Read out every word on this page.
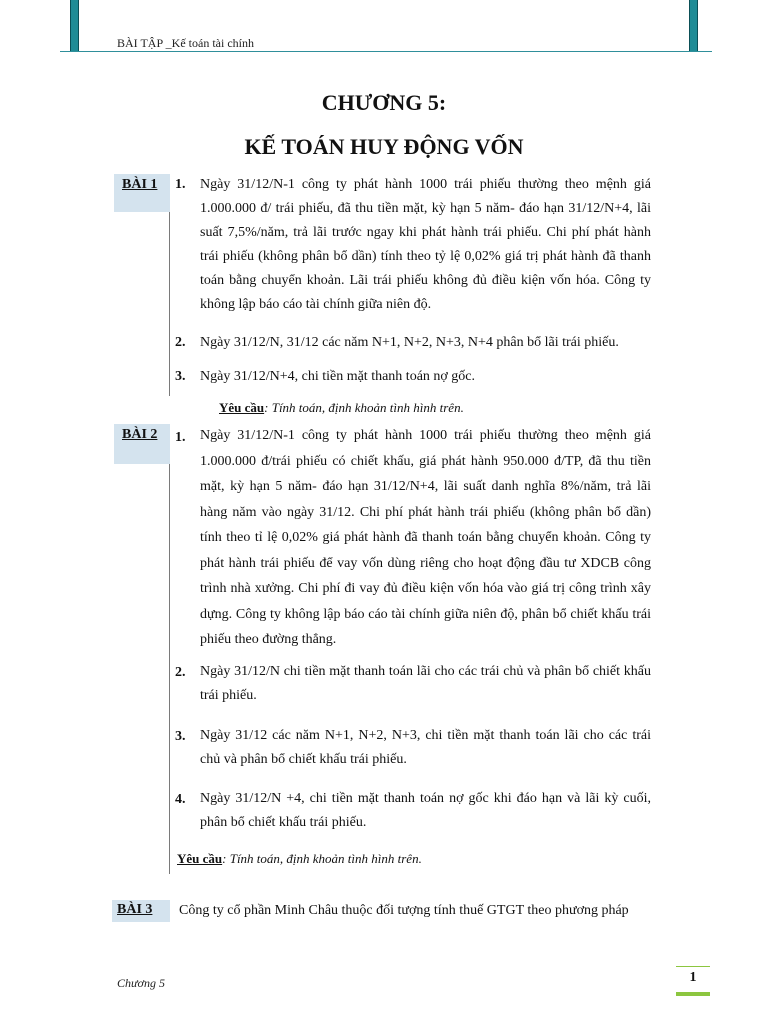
BÀI TẬP _Kế toán tài chính
CHƯƠNG 5:
KẾ TOÁN HUY ĐỘNG VỐN
BÀI 1 1. Ngày 31/12/N-1 công ty phát hành 1000 trái phiếu thường theo mệnh giá 1.000.000 đ/ trái phiếu, đã thu tiền mặt, kỳ hạn 5 năm- đáo hạn 31/12/N+4, lãi suất 7,5%/năm, trả lãi trước ngay khi phát hành trái phiếu. Chi phí phát hành trái phiếu (không phân bổ dần) tính theo tỷ lệ 0,02% giá trị phát hành đã thanh toán bằng chuyển khoản. Lãi trái phiếu không đủ điều kiện vốn hóa. Công ty không lập báo cáo tài chính giữa niên độ.
2. Ngày 31/12/N, 31/12 các năm N+1, N+2, N+3, N+4 phân bổ lãi trái phiếu.
3. Ngày 31/12/N+4, chi tiền mặt thanh toán nợ gốc.
Yêu cầu: Tính toán, định khoản tình hình trên.
BÀI 2 1. Ngày 31/12/N-1 công ty phát hành 1000 trái phiếu thường theo mệnh giá 1.000.000 đ/trái phiếu có chiết khấu, giá phát hành 950.000 đ/TP, đã thu tiền mặt, kỳ hạn 5 năm- đáo hạn 31/12/N+4, lãi suất danh nghĩa 8%/năm, trả lãi hàng năm vào ngày 31/12. Chi phí phát hành trái phiếu (không phân bổ dần) tính theo tỉ lệ 0,02% giá phát hành đã thanh toán bằng chuyển khoản. Công ty phát hành trái phiếu để vay vốn dùng riêng cho hoạt động đầu tư XDCB công trình nhà xưởng. Chi phí đi vay đủ điều kiện vốn hóa vào giá trị công trình xây dựng. Công ty không lập báo cáo tài chính giữa niên độ, phân bổ chiết khấu trái phiếu theo đường thẳng.
2. Ngày 31/12/N chi tiền mặt thanh toán lãi cho các trái chủ và phân bổ chiết khấu trái phiếu.
3. Ngày 31/12 các năm N+1, N+2, N+3, chi tiền mặt thanh toán lãi cho các trái chủ và phân bổ chiết khấu trái phiếu.
4. Ngày 31/12/N +4, chi tiền mặt thanh toán nợ gốc khi đáo hạn và lãi kỳ cuối, phân bổ chiết khấu trái phiếu.
Yêu cầu: Tính toán, định khoản tình hình trên.
BÀI 3 Công ty cổ phần Minh Châu thuộc đối tượng tính thuế GTGT theo phương pháp
Chương 5	1
